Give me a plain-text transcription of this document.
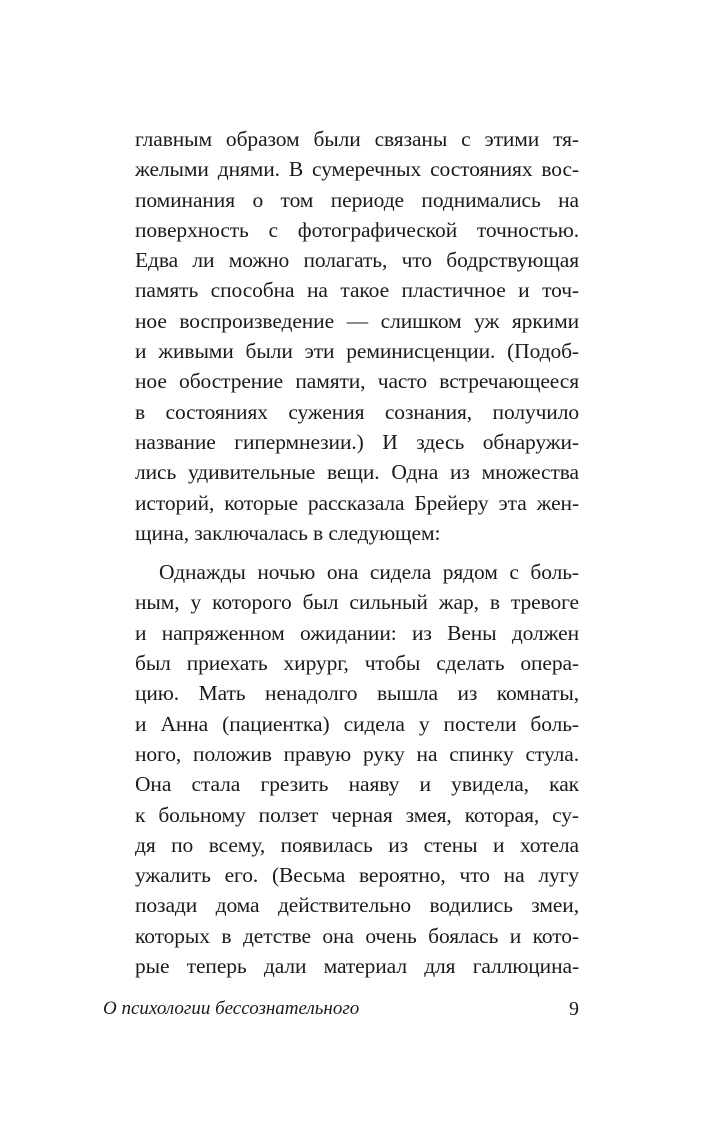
главным образом были связаны с этими тя-
желыми днями. В сумеречных состояниях вос-
поминания о том периоде поднимались на
поверхность с фотографической точностью.
Едва ли можно полагать, что бодрствующая
память способна на такое пластичное и точ-
ное воспроизведение — слишком уж яркими
и живыми были эти реминисценции. (Подоб-
ное обострение памяти, часто встречающееся
в состояниях сужения сознания, получило
название гипермнезии.) И здесь обнаружи-
лись удивительные вещи. Одна из множества
историй, которые рассказала Брейеру эта жен-
щина, заключалась в следующем:
Однажды ночью она сидела рядом с боль-
ным, у которого был сильный жар, в тревоге
и напряженном ожидании: из Вены должен
был приехать хирург, чтобы сделать опера-
цию. Мать ненадолго вышла из комнаты,
и Анна (пациентка) сидела у постели боль-
ного, положив правую руку на спинку стула.
Она стала грезить наяву и увидела, как
к больному ползет черная змея, которая, су-
дя по всему, появилась из стены и хотела
ужалить его. (Весьма вероятно, что на лугу
позади дома действительно водились змеи,
которых в детстве она очень боялась и кото-
рые теперь дали материал для галлюцина-
О психологии бессознательного	9
